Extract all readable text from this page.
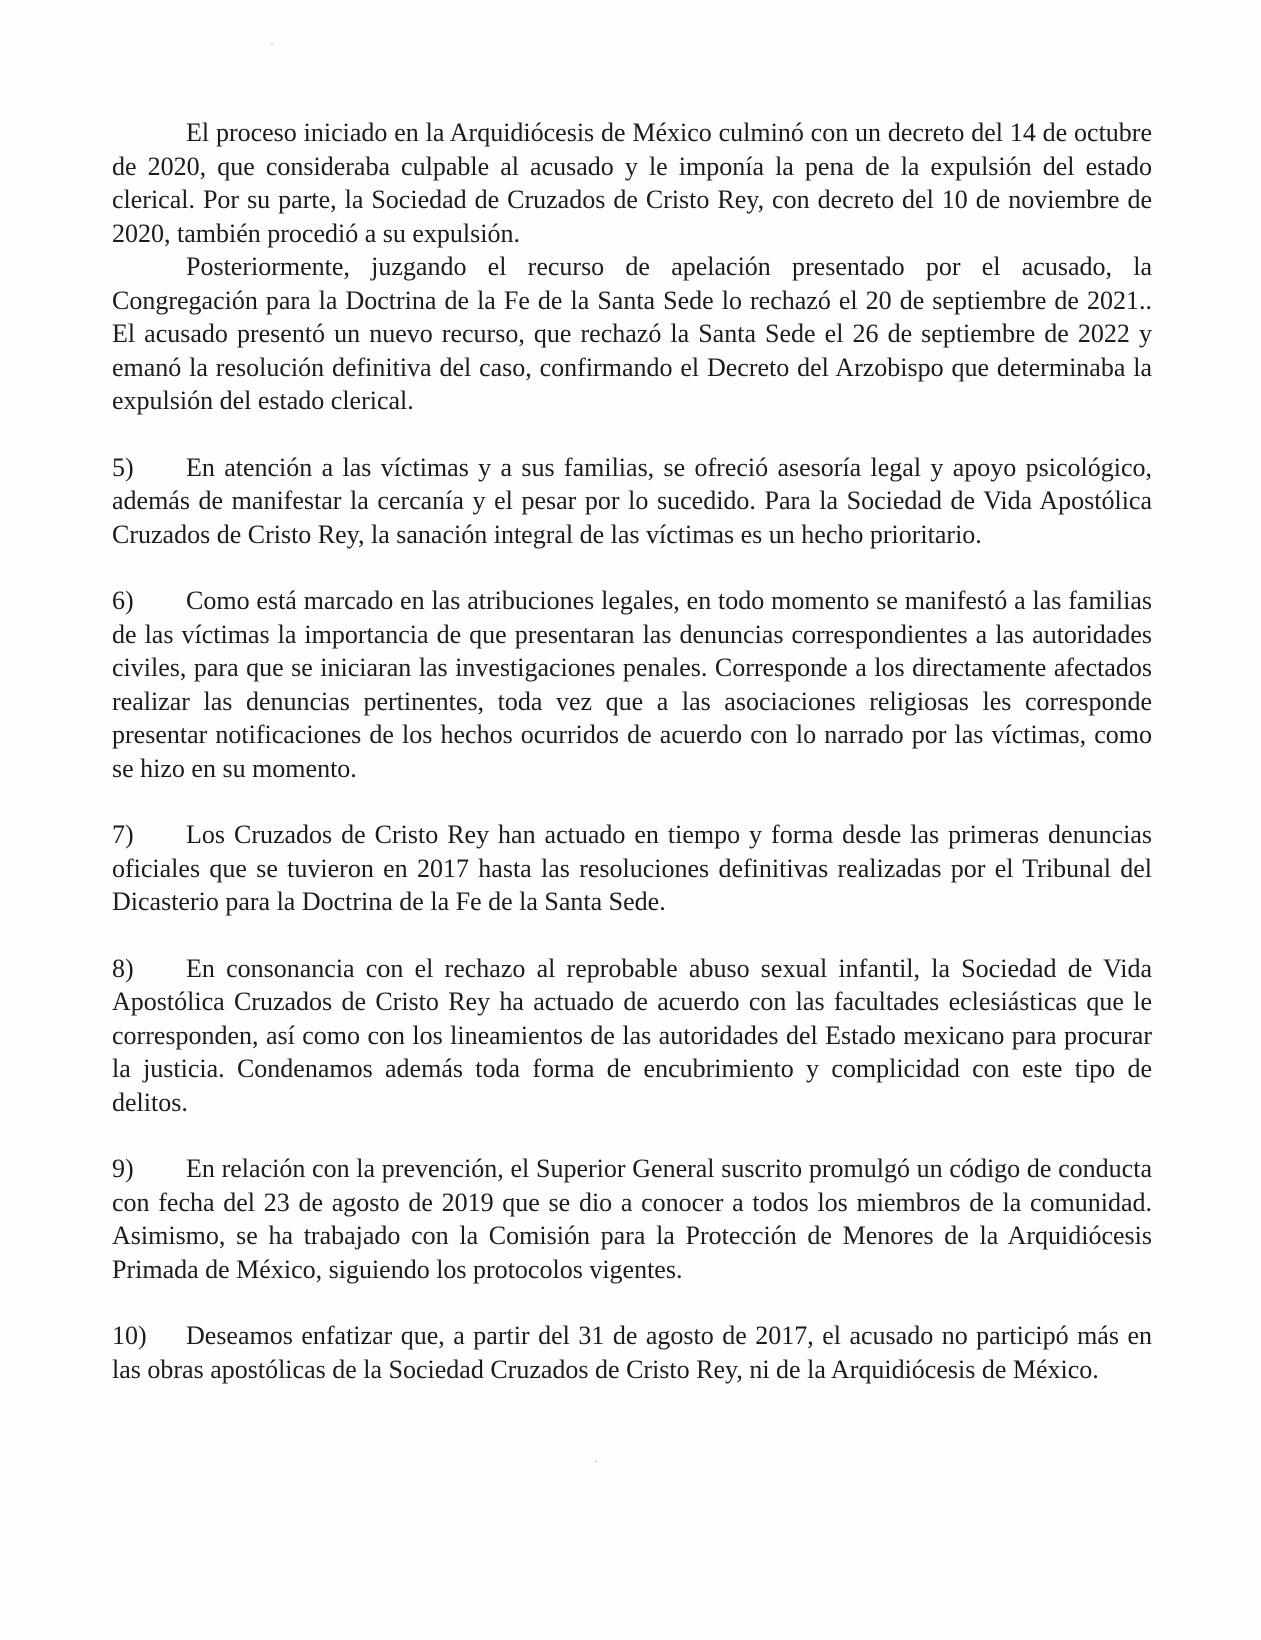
El proceso iniciado en la Arquidiócesis de México culminó con un decreto del 14 de octubre de 2020, que consideraba culpable al acusado y le imponía la pena de la expulsión del estado clerical. Por su parte, la Sociedad de Cruzados de Cristo Rey, con decreto del 10 de noviembre de 2020, también procedió a su expulsión.

Posteriormente, juzgando el recurso de apelación presentado por el acusado, la Congregación para la Doctrina de la Fe de la Santa Sede lo rechazó el 20 de septiembre de 2021.. El acusado presentó un nuevo recurso, que rechazó la Santa Sede el 26 de septiembre de 2022 y emanó la resolución definitiva del caso, confirmando el Decreto del Arzobispo que determinaba la expulsión del estado clerical.

5) En atención a las víctimas y a sus familias, se ofreció asesoría legal y apoyo psicológico, además de manifestar la cercanía y el pesar por lo sucedido. Para la Sociedad de Vida Apostólica Cruzados de Cristo Rey, la sanación integral de las víctimas es un hecho prioritario.

6) Como está marcado en las atribuciones legales, en todo momento se manifestó a las familias de las víctimas la importancia de que presentaran las denuncias correspondientes a las autoridades civiles, para que se iniciaran las investigaciones penales. Corresponde a los directamente afectados realizar las denuncias pertinentes, toda vez que a las asociaciones religiosas les corresponde presentar notificaciones de los hechos ocurridos de acuerdo con lo narrado por las víctimas, como se hizo en su momento.

7) Los Cruzados de Cristo Rey han actuado en tiempo y forma desde las primeras denuncias oficiales que se tuvieron en 2017 hasta las resoluciones definitivas realizadas por el Tribunal del Dicasterio para la Doctrina de la Fe de la Santa Sede.

8) En consonancia con el rechazo al reprobable abuso sexual infantil, la Sociedad de Vida Apostólica Cruzados de Cristo Rey ha actuado de acuerdo con las facultades eclesiásticas que le corresponden, así como con los lineamientos de las autoridades del Estado mexicano para procurar la justicia. Condenamos además toda forma de encubrimiento y complicidad con este tipo de delitos.

9) En relación con la prevención, el Superior General suscrito promulgó un código de conducta con fecha del 23 de agosto de 2019 que se dio a conocer a todos los miembros de la comunidad. Asimismo, se ha trabajado con la Comisión para la Protección de Menores de la Arquidiócesis Primada de México, siguiendo los protocolos vigentes.

10) Deseamos enfatizar que, a partir del 31 de agosto de 2017, el acusado no participó más en las obras apostólicas de la Sociedad Cruzados de Cristo Rey, ni de la Arquidiócesis de México.

·
·
